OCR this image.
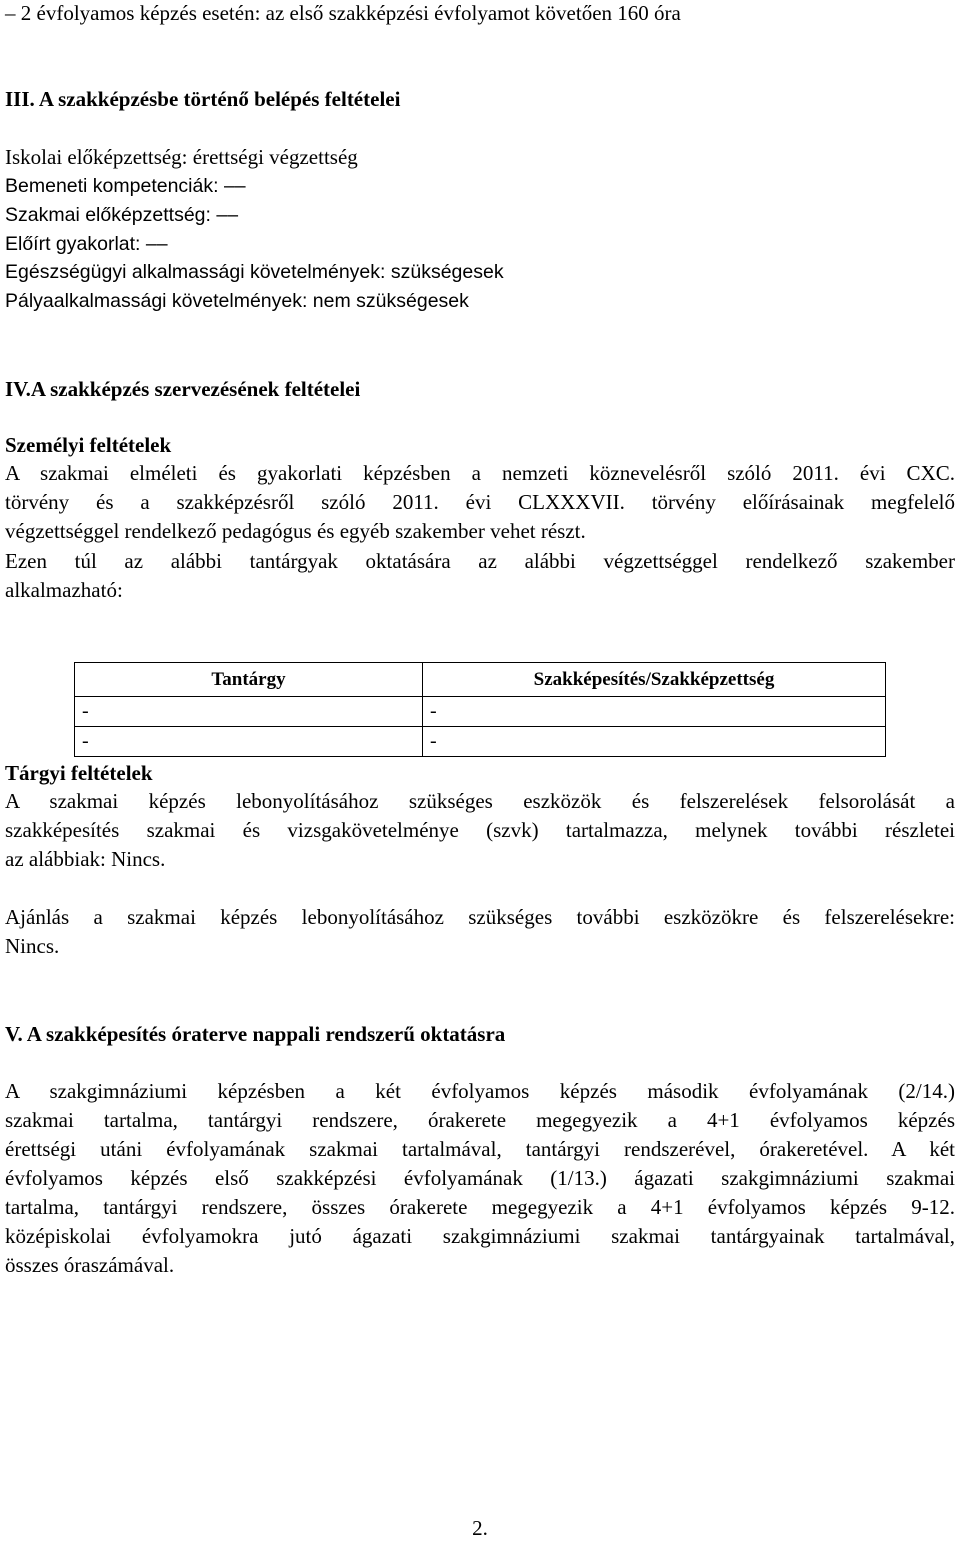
– 2 évfolyamos képzés esetén: az első szakképzési évfolyamot követően 160 óra
III. A szakképzésbe történő belépés feltételei
Iskolai előképzettség: érettségi végzettség
Bemeneti kompetenciák: ––
Szakmai előképzettség: ––
Előírt gyakorlat: ––
Egészségügyi alkalmassági követelmények: szükségesek
Pályaalkalmassági követelmények: nem szükségesek
IV.A szakképzés szervezésének feltételei
Személyi feltételek
A szakmai elméleti és gyakorlati képzésben a nemzeti köznevelésről szóló 2011. évi CXC.
törvény és a szakképzésről szóló 2011. évi CLXXXVII. törvény előírásainak megfelelő
végzettséggel rendelkező pedagógus és egyéb szakember vehet részt.
Ezen túl az alábbi tantárgyak oktatására az alábbi végzettséggel rendelkező szakember
alkalmazható:
Tantárgy	Szakképesítés/Szakképzettség
-	-
-	-
Tárgyi feltételek
A szakmai képzés lebonyolításához szükséges eszközök és felszerelések felsorolását a
szakképesítés szakmai és vizsgakövetelménye (szvk) tartalmazza, melynek további részletei
az alábbiak: Nincs.
Ajánlás a szakmai képzés lebonyolításához szükséges további eszközökre és felszerelésekre:
Nincs.
V. A szakképesítés óraterve nappali rendszerű oktatásra
A szakgimnáziumi képzésben a két évfolyamos képzés második évfolyamának (2/14.)
szakmai tartalma, tantárgyi rendszere, órakerete megegyezik a 4+1 évfolyamos képzés
érettségi utáni évfolyamának szakmai tartalmával, tantárgyi rendszerével, órakeretével. A két
évfolyamos képzés első szakképzési évfolyamának (1/13.) ágazati szakgimnáziumi szakmai
tartalma, tantárgyi rendszere, összes órakerete megegyezik a 4+1 évfolyamos képzés 9-12.
középiskolai évfolyamokra jutó ágazati szakgimnáziumi szakmai tantárgyainak tartalmával,
összes óraszámával.
2.
